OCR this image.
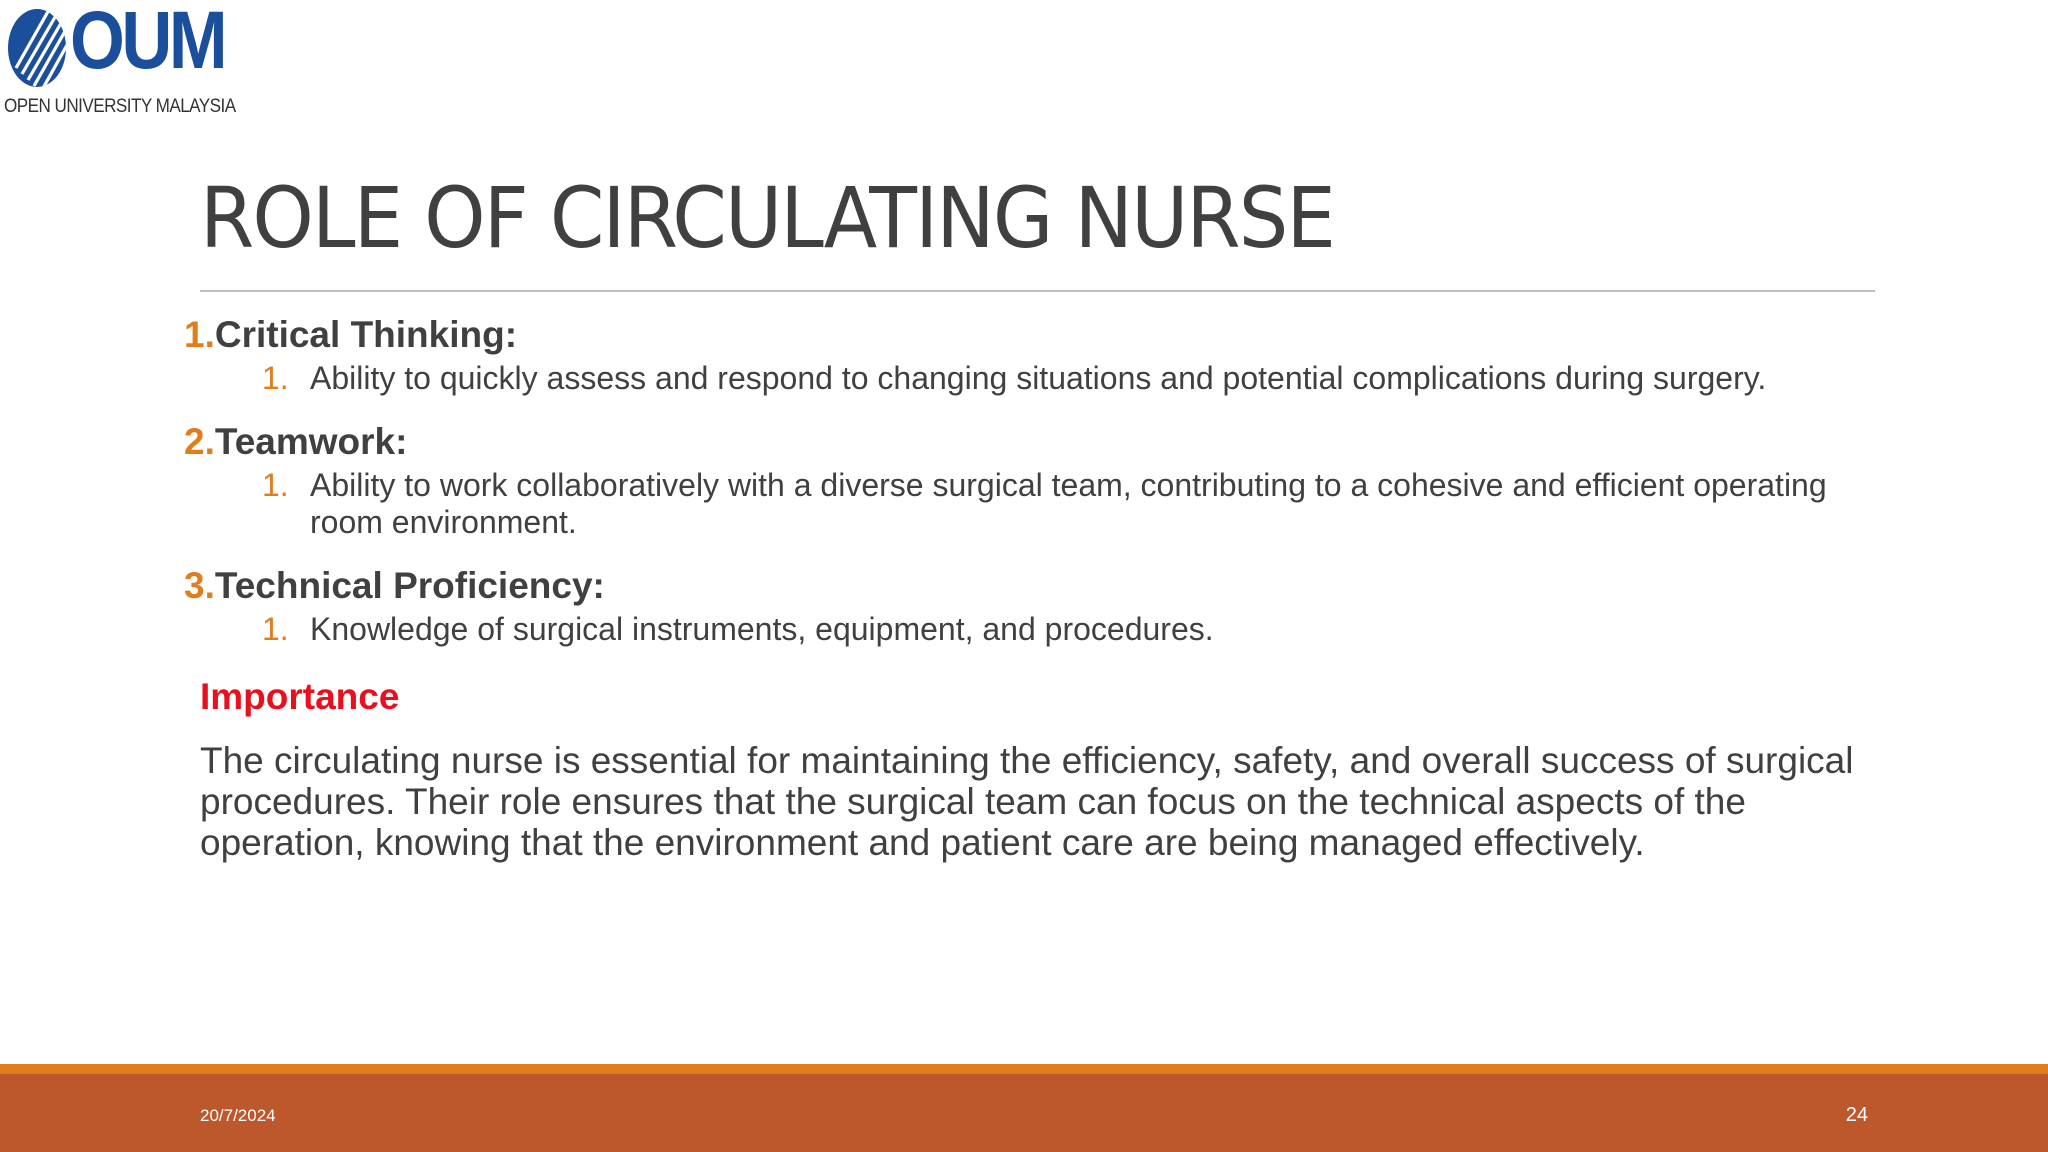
OUM
OPEN UNIVERSITY MALAYSIA
ROLE OF CIRCULATING NURSE
1.Critical Thinking:
1. Ability to quickly assess and respond to changing situations and potential complications during surgery.
2.Teamwork:
1. Ability to work collaboratively with a diverse surgical team, contributing to a cohesive and efficient operating room environment.
3.Technical Proficiency:
1. Knowledge of surgical instruments, equipment, and procedures.
Importance
The circulating nurse is essential for maintaining the efficiency, safety, and overall success of surgical procedures. Their role ensures that the surgical team can focus on the technical aspects of the operation, knowing that the environment and patient care are being managed effectively.
20/7/2024	24
